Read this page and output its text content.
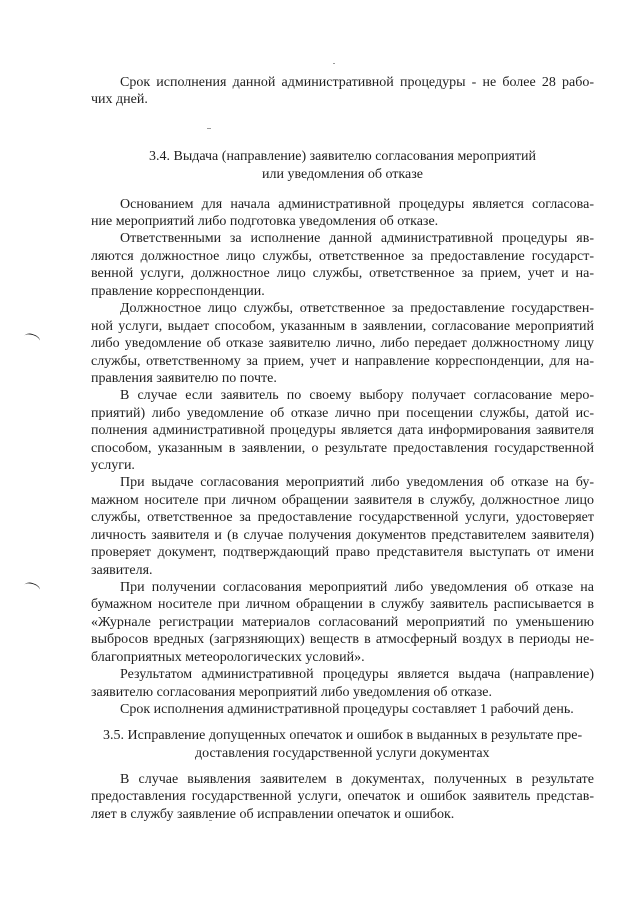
Срок исполнения данной административной процедуры - не более 28 рабо-
чих дней.
3.4. Выдача (направление) заявителю согласования мероприятий
или уведомления об отказе
Основанием для начала административной процедуры является согласова-
ние мероприятий либо подготовка уведомления об отказе.
Ответственными за исполнение данной административной процедуры яв-
ляются должностное лицо службы, ответственное за предоставление государст-
венной услуги, должностное лицо службы, ответственное за прием, учет и на-
правление корреспонденции.
Должностное лицо службы, ответственное за предоставление государствен-
ной услуги, выдает способом, указанным в заявлении, согласование мероприятий
либо уведомление об отказе заявителю лично, либо передает должностному лицу
службы, ответственному за прием, учет и направление корреспонденции, для на-
правления заявителю по почте.
В случае если заявитель по своему выбору получает согласование меро-
приятий) либо уведомление об отказе лично при посещении службы, датой ис-
полнения административной процедуры является дата информирования заявителя
способом, указанным в заявлении, о результате предоставления государственной
услуги.
При выдаче согласования мероприятий либо уведомления об отказе на бу-
мажном носителе при личном обращении заявителя в службу, должностное лицо
службы, ответственное за предоставление государственной услуги, удостоверяет
личность заявителя и (в случае получения документов представителем заявителя)
проверяет документ, подтверждающий право представителя выступать от имени
заявителя.
При получении согласования мероприятий либо уведомления об отказе на
бумажном носителе при личном обращении в службу заявитель расписывается в
«Журнале регистрации материалов согласований мероприятий по уменьшению
выбросов вредных (загрязняющих) веществ в атмосферный воздух в периоды не-
благоприятных метеорологических условий».
Результатом административной процедуры является выдача (направление)
заявителю согласования мероприятий либо уведомления об отказе.
Срок исполнения административной процедуры составляет 1 рабочий день.
3.5. Исправление допущенных опечаток и ошибок в выданных в результате пре-
доставления государственной услуги документах
В случае выявления заявителем в документах, полученных в результате
предоставления государственной услуги, опечаток и ошибок заявитель представ-
ляет в службу заявление об исправлении опечаток и ошибок.
